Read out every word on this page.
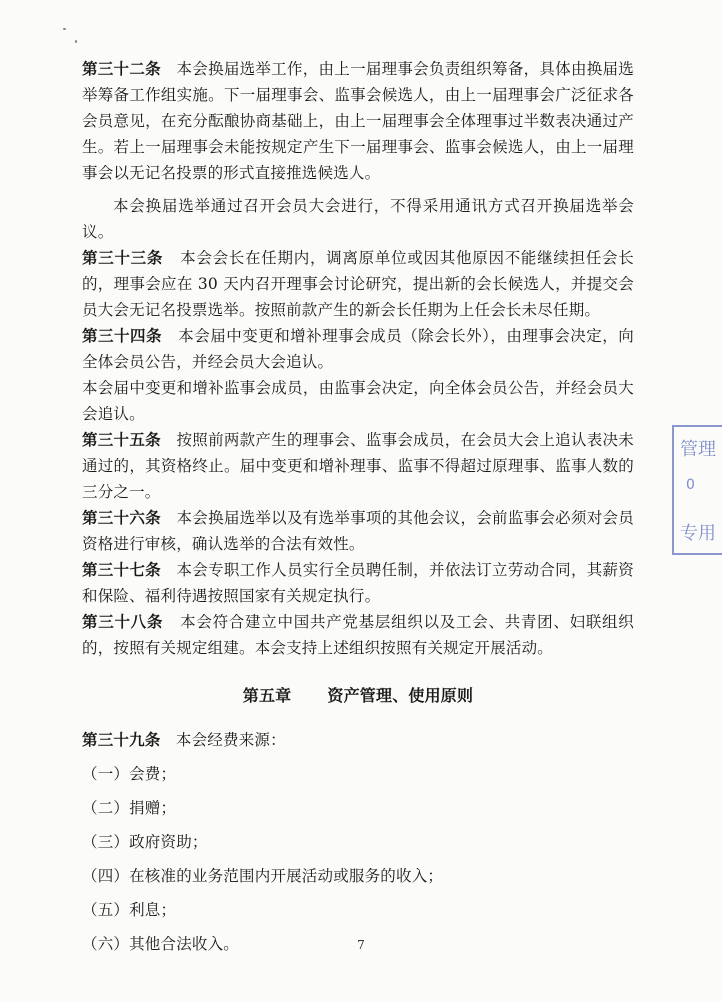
第三十二条 本会换届选举工作，由上一届理事会负责组织筹备，具体由换届选举筹备工作组实施。下一届理事会、监事会候选人，由上一届理事会广泛征求各会员意见，在充分酝酿协商基础上，由上一届理事会全体理事过半数表决通过产生。若上一届理事会未能按规定产生下一届理事会、监事会候选人，由上一届理事会以无记名投票的形式直接推选候选人。

本会换届选举通过召开会员大会进行，不得采用通讯方式召开换届选举会议。

第三十三条 本会会长在任期内，调离原单位或因其他原因不能继续担任会长的，理事会应在 30 天内召开理事会讨论研究，提出新的会长候选人，并提交会员大会无记名投票选举。按照前款产生的新会长任期为上任会长未尽任期。

第三十四条 本会届中变更和增补理事会成员（除会长外），由理事会决定，向全体会员公告，并经会员大会追认。

本会届中变更和增补监事会成员，由监事会决定，向全体会员公告，并经会员大会追认。

第三十五条 按照前两款产生的理事会、监事会成员，在会员大会上追认表决未通过的，其资格终止。届中变更和增补理事、监事不得超过原理事、监事人数的三分之一。

第三十六条 本会换届选举以及有选举事项的其他会议，会前监事会必须对会员资格进行审核，确认选举的合法有效性。

第三十七条 本会专职工作人员实行全员聘任制，并依法订立劳动合同，其薪资和保险、福利待遇按照国家有关规定执行。

第三十八条 本会符合建立中国共产党基层组织以及工会、共青团、妇联组织的，按照有关规定组建。本会支持上述组织按照有关规定开展活动。

第五章 资产管理、使用原则

第三十九条 本会经费来源：

（一）会费；

（二）捐赠；

（三）政府资助；

（四）在核准的业务范围内开展活动或服务的收入；

（五）利息；

（六）其他合法收入。	7
管理
0
专用
